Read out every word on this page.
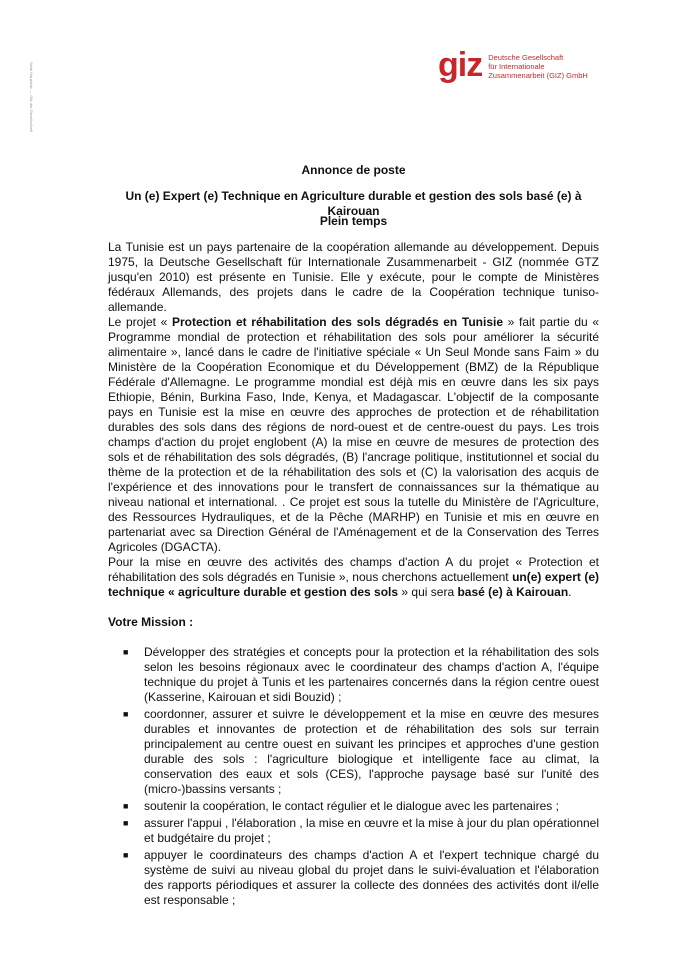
Seite Hauptsitz — Sitz der Gesellschaft	giz Deutsche Gesellschaft
für Internationale
Zusammenarbeit (GIZ) GmbH
Annonce de poste
Un (e) Expert (e) Technique en Agriculture durable et gestion des sols basé (e) à Kairouan
Plein temps

La Tunisie est un pays partenaire de la coopération allemande au développement. Depuis 1975, la Deutsche Gesellschaft für Internationale Zusammenarbeit - GIZ (nommée GTZ jusqu'en 2010) est présente en Tunisie. Elle y exécute, pour le compte de Ministères fédéraux Allemands, des projets dans le cadre de la Coopération technique tuniso-allemande.

Le projet « Protection et réhabilitation des sols dégradés en Tunisie » fait partie du « Programme mondial de protection et réhabilitation des sols pour améliorer la sécurité alimentaire », lancé dans le cadre de l'initiative spéciale « Un Seul Monde sans Faim » du Ministère de la Coopération Economique et du Développement (BMZ) de la République Fédérale d'Allemagne. Le programme mondial est déjà mis en œuvre dans les six pays Ethiopie, Bénin, Burkina Faso, Inde, Kenya, et Madagascar. L'objectif de la composante pays en Tunisie est la mise en œuvre des approches de protection et de réhabilitation durables des sols dans des régions de nord-ouest et de centre-ouest du pays. Les trois champs d'action du projet englobent (A) la mise en œuvre de mesures de protection des sols et de réhabilitation des sols dégradés, (B) l'ancrage politique, institutionnel et social du thème de la protection et de la réhabilitation des sols et (C) la valorisation des acquis de l'expérience et des innovations pour le transfert de connaissances sur la thématique au niveau national et international. . Ce projet est sous la tutelle du Ministère de l'Agriculture, des Ressources Hydrauliques, et de la Pêche (MARHP) en Tunisie et mis en œuvre en partenariat avec sa Direction Général de l'Aménagement et de la Conservation des Terres Agricoles (DGACTA).

Pour la mise en œuvre des activités des champs d'action A du projet « Protection et réhabilitation des sols dégradés en Tunisie », nous cherchons actuellement un(e) expert (e) technique « agriculture durable et gestion des sols » qui sera basé (e) à Kairouan.

Votre Mission :
■ Développer des stratégies et concepts pour la protection et la réhabilitation des sols selon les besoins régionaux avec le coordinateur des champs d'action A, l'équipe technique du projet à Tunis et les partenaires concernés dans la région centre ouest (Kasserine, Kairouan et sidi Bouzid) ;
■ coordonner, assurer et suivre le développement et la mise en œuvre des mesures durables et innovantes de protection et de réhabilitation des sols sur terrain principalement au centre ouest en suivant les principes et approches d'une gestion durable des sols : l'agriculture biologique et intelligente face au climat, la conservation des eaux et sols (CES), l'approche paysage basé sur l'unité des (micro-)bassins versants ;
■ soutenir la coopération, le contact régulier et le dialogue avec les partenaires ;
■ assurer l'appui , l'élaboration , la mise en œuvre et la mise à jour du plan opérationnel et budgétaire du projet ;
■ appuyer le coordinateurs des champs d'action A et l'expert technique chargé du système de suivi au niveau global du projet dans le suivi-évaluation et l'élaboration des rapports périodiques et assurer la collecte des données des activités dont il/elle est responsable ;
